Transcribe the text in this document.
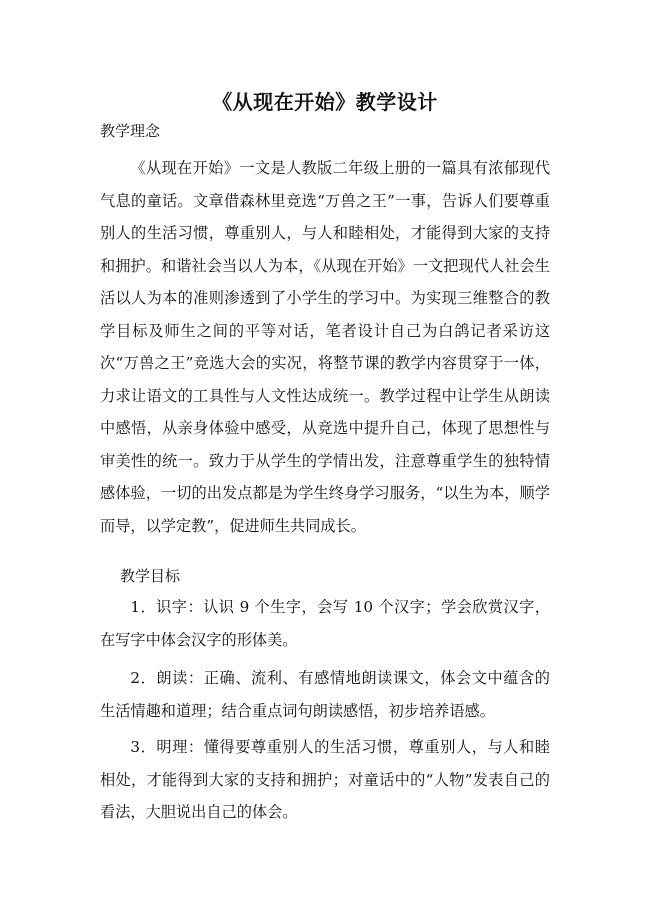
《从现在开始》教学设计
教学理念

《从现在开始》一文是人教版二年级上册的一篇具有浓郁现代气息的童话。文章借森林里竞选“万兽之王”一事，告诉人们要尊重别人的生活习惯，尊重别人，与人和睦相处，才能得到大家的支持和拥护。和谐社会当以人为本，《从现在开始》一文把现代人社会生活以人为本的准则渗透到了小学生的学习中。为实现三维整合的教学目标及师生之间的平等对话，笔者设计自己为白鸽记者采访这次“万兽之王”竞选大会的实况，将整节课的教学内容贯穿于一体，力求让语文的工具性与人文性达成统一。教学过程中让学生从朗读中感悟，从亲身体验中感受，从竞选中提升自己，体现了思想性与审美性的统一。致力于从学生的学情出发，注意尊重学生的独特情感体验，一切的出发点都是为学生终身学习服务，“以生为本，顺学而导，以学定教”，促进师生共同成长。

教学目标

1．识字：认识 9 个生字，会写 10 个汉字；学会欣赏汉字，在写字中体会汉字的形体美。

2．朗读：正确、流利、有感情地朗读课文，体会文中蕴含的生活情趣和道理；结合重点词句朗读感悟，初步培养语感。

3．明理：懂得要尊重别人的生活习惯，尊重别人，与人和睦相处，才能得到大家的支持和拥护；对童话中的“人物”发表自己的看法，大胆说出自己的体会。
